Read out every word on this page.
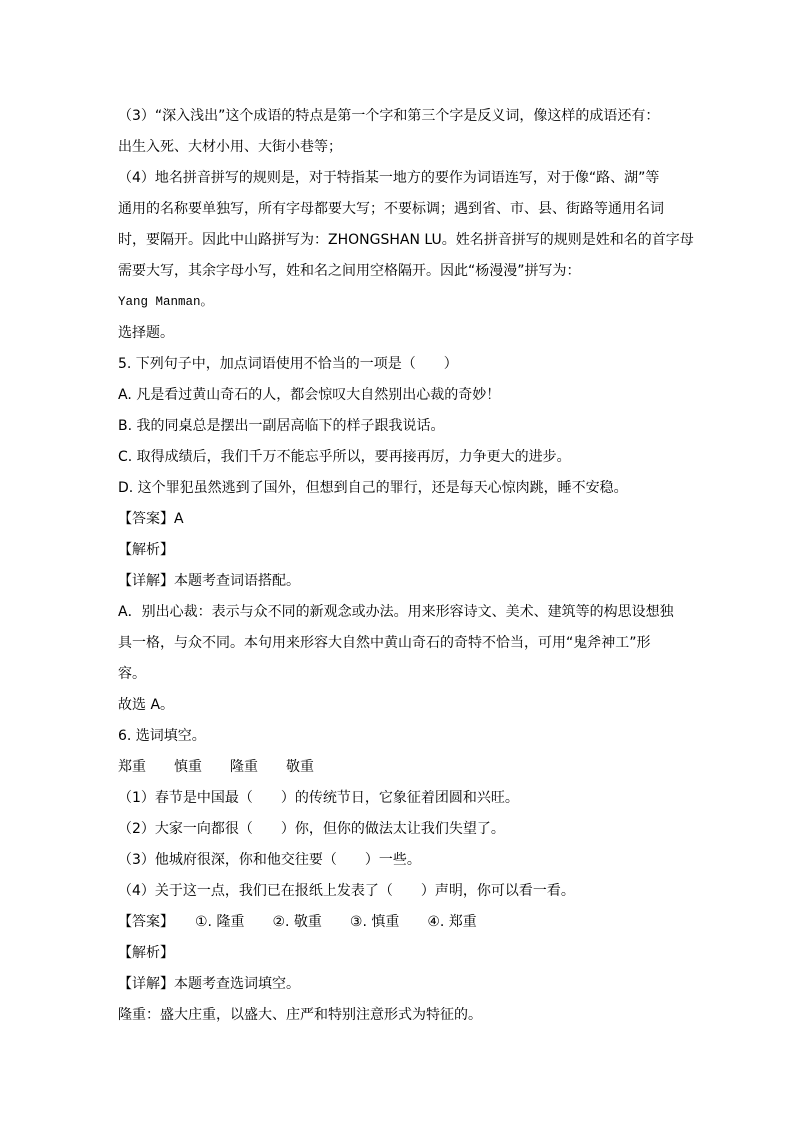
（3）“深入浅出”这个成语的特点是第一个字和第三个字是反义词，像这样的成语还有：
出生入死、大材小用、大街小巷等；
（4）地名拼音拼写的规则是，对于特指某一地方的要作为词语连写，对于像“路、湖”等
通用的名称要单独写，所有字母都要大写；不要标调；遇到省、市、县、街路等通用名词
时，要隔开。因此中山路拼写为：ZHONGSHAN LU。姓名拼音拼写的规则是姓和名的首字母
需要大写，其余字母小写，姓和名之间用空格隔开。因此“杨漫漫”拼写为：
Yang Manman。
选择题。
5. 下列句子中，加点词语使用不恰当的一项是（　　）
A. 凡是看过黄山奇石的人，都会惊叹大自然别出心裁的奇妙！
B. 我的同桌总是摆出一副居高临下的样子跟我说话。
C. 取得成绩后，我们千万不能忘乎所以，要再接再厉，力争更大的进步。
D. 这个罪犯虽然逃到了国外，但想到自己的罪行，还是每天心惊肉跳，睡不安稳。
【答案】A
【解析】
【详解】本题考查词语搭配。
A．别出心裁：表示与众不同的新观念或办法。用来形容诗文、美术、建筑等的构思设想独
具一格，与众不同。本句用来形容大自然中黄山奇石的奇特不恰当，可用“鬼斧神工”形
容。
故选 A。
6. 选词填空。
郑重　　慎重　　隆重　　敬重
（1）春节是中国最（　　）的传统节日，它象征着团圆和兴旺。
（2）大家一向都很（　　）你，但你的做法太让我们失望了。
（3）他城府很深，你和他交往要（　　）一些。
（4）关于这一点，我们已在报纸上发表了（　　）声明，你可以看一看。
【答案】　　①. 隆重　　②. 敬重　　③. 慎重　　④. 郑重
【解析】
【详解】本题考查选词填空。
隆重：盛大庄重，以盛大、庄严和特别注意形式为特征的。
